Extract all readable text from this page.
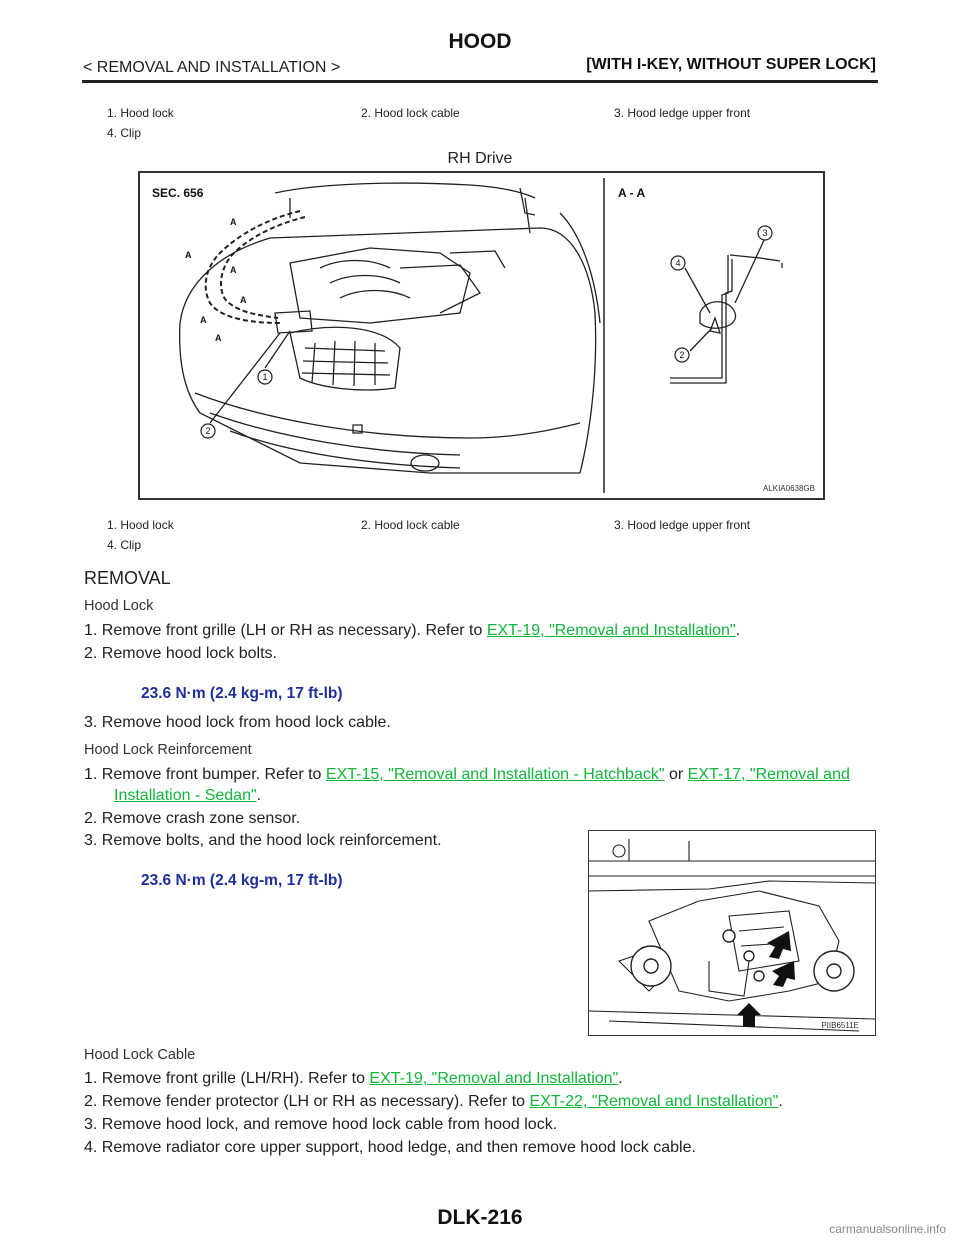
HOOD
< REMOVAL AND INSTALLATION >	[WITH I-KEY, WITHOUT SUPER LOCK]
1. Hood lock	2. Hood lock cable	3. Hood ledge upper front
4. Clip
RH Drive
1
2
3
4
2
A
A
A
A
A
A
SEC. 656	A - A
ALKIA0638GB
1. Hood lock	2. Hood lock cable	3. Hood ledge upper front
4. Clip
REMOVAL
Hood Lock
1. Remove front grille (LH or RH as necessary). Refer to EXT-19, "Removal and Installation".
2. Remove hood lock bolts.
23.6 N·m (2.4 kg-m, 17 ft-lb)
3. Remove hood lock from hood lock cable.
Hood Lock Reinforcement
1. Remove front bumper. Refer to EXT-15, "Removal and Installation - Hatchback" or EXT-17, "Removal and
Installation - Sedan".
2. Remove crash zone sensor.
3. Remove bolts, and the hood lock reinforcement.
23.6 N·m (2.4 kg-m, 17 ft-lb)
PIIB6511E
Hood Lock Cable
1. Remove front grille (LH/RH). Refer to EXT-19, "Removal and Installation".
2. Remove fender protector (LH or RH as necessary). Refer to EXT-22, "Removal and Installation".
3. Remove hood lock, and remove hood lock cable from hood lock.
4. Remove radiator core upper support, hood ledge, and then remove hood lock cable.
DLK-216	carmanualsonline.info
